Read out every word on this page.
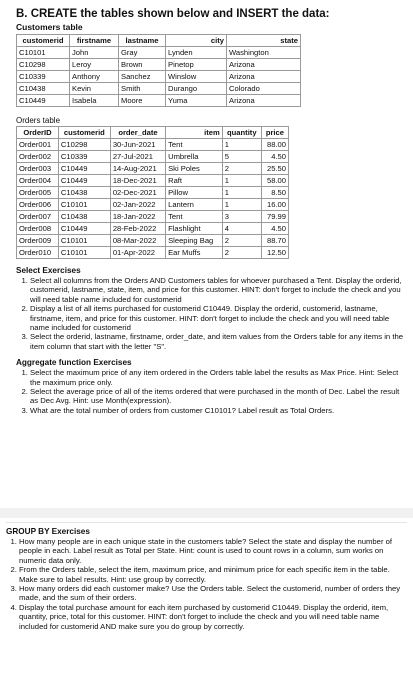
B. CREATE the tables shown below and INSERT the data:
Customers table
customerid	firstname	lastname	city	state
C10101	John	Gray	Lynden	Washington
C10298	Leroy	Brown	Pinetop	Arizona
C10339	Anthony	Sanchez	Winslow	Arizona
C10438	Kevin	Smith	Durango	Colorado
C10449	Isabela	Moore	Yuma	Arizona
Orders table
OrderID	customerid	order_date	item	quantity	price
Order001	C10298	30-Jun-2021	Tent	1	88.00
Order002	C10339	27-Jul-2021	Umbrella	5	4.50
Order003	C10449	14-Aug-2021	Ski Poles	2	25.50
Order004	C10449	18-Dec-2021	Raft	1	58.00
Order005	C10438	02-Dec-2021	Pillow	1	8.50
Order006	C10101	02-Jan-2022	Lantern	1	16.00
Order007	C10438	18-Jan-2022	Tent	3	79.99
Order008	C10449	28-Feb-2022	Flashlight	4	4.50
Order009	C10101	08-Mar-2022	Sleeping Bag	2	88.70
Order010	C10101	01-Apr-2022	Ear Muffs	2	12.50
Select Exercises
1. Select all columns from the Orders AND Customers tables for whoever purchased a Tent. Display the orderid, customerid, lastname, state, item, and price for this customer. HINT: don't forget to include the check and you will need table name included for customerid
2. Display a list of all items purchased for customerid C10449. Display the orderid, customerid, lastname, firstname, item, and price for this customer. HINT: don't forget to include the check and you will need table name included for customerid
3. Select the orderid, lastname, firstname, order_date, and item values from the Orders table for any items in the item column that start with the letter "S".
Aggregate function Exercises
1. Select the maximum price of any item ordered in the Orders table label the results as Max Price. Hint: Select the maximum price only.
2. Select the average price of all of the items ordered that were purchased in the month of Dec. Label the result as Dec Avg. Hint: use Month(expression).
3. What are the total number of orders from customer C10101? Label result as Total Orders.
GROUP BY Exercises
1. How many people are in each unique state in the customers table? Select the state and display the number of people in each. Label result as Total per State. Hint: count is used to count rows in a column, sum works on numeric data only.
2. From the Orders table, select the item, maximum price, and minimum price for each specific item in the table. Make sure to label results. Hint: use group by correctly.
3. How many orders did each customer make? Use the Orders table. Select the customerid, number of orders they made, and the sum of their orders.
4. Display the total purchase amount for each item purchased by customerid C10449. Display the orderid, item, quantity, price, total for this customer. HINT: don't forget to include the check and you will need table name included for customerid AND make sure you do group by correctly.
